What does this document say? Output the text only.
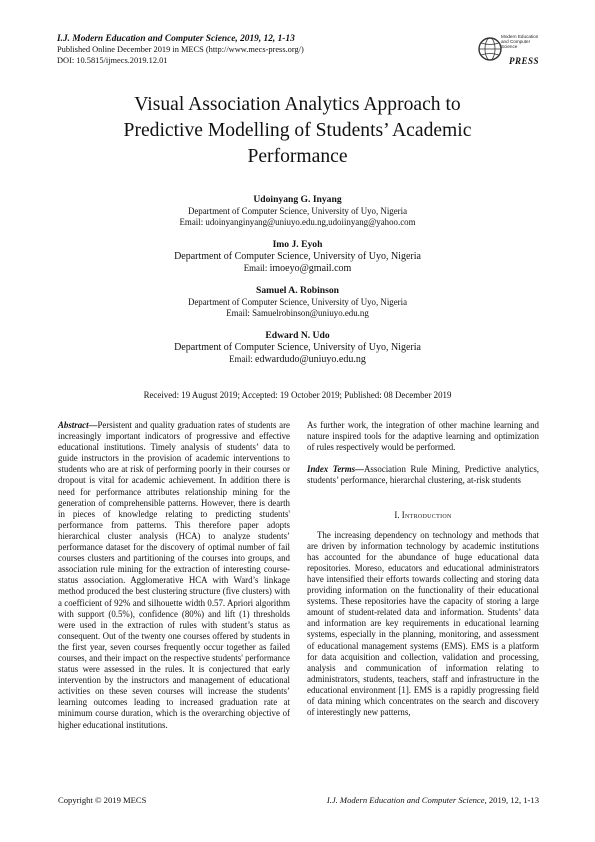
I.J. Modern Education and Computer Science, 2019, 12, 1-13
Published Online December 2019 in MECS (http://www.mecs-press.org/)
DOI: 10.5815/ijmecs.2019.12.01
Modern Education and Computer Science
PRESS
Visual Association Analytics Approach to
Predictive Modelling of Students’ Academic
Performance
Udoinyang G. Inyang
Department of Computer Science, University of Uyo, Nigeria
Email: udoinyanginyang@uniuyo.edu.ng,udoiinyang@yahoo.com
Imo J. Eyoh
Department of Computer Science, University of Uyo, Nigeria
Email: imoeyo@gmail.com
Samuel A. Robinson
Department of Computer Science, University of Uyo, Nigeria
Email: Samuelrobinson@uniuyo.edu.ng
Edward N. Udo
Department of Computer Science, University of Uyo, Nigeria
Email: edwardudo@uniuyo.edu.ng
Received: 19 August 2019; Accepted: 19 October 2019; Published: 08 December 2019

Abstract—Persistent and quality graduation rates of students are increasingly important indicators of progressive and effective educational institutions. Timely analysis of students’ data to guide instructors in the provision of academic interventions to students who are at risk of performing poorly in their courses or dropout is vital for academic achievement. In addition there is need for performance attributes relationship mining for the generation of comprehensible patterns. However, there is dearth in pieces of knowledge relating to predicting students' performance from patterns. This therefore paper adopts hierarchical cluster analysis (HCA) to analyze students’ performance dataset for the discovery of optimal number of fail courses clusters and partitioning of the courses into groups, and association rule mining for the extraction of interesting course-status association. Agglomerative HCA with Ward’s linkage method produced the best clustering structure (five clusters) with a coefficient of 92% and silhouette width 0.57. Apriori algorithm with support (0.5%), confidence (80%) and lift (1) thresholds were used in the extraction of rules with student’s status as consequent. Out of the twenty one courses offered by students in the first year, seven courses frequently occur together as failed courses, and their impact on the respective students' performance status were assessed in the rules. It is conjectured that early intervention by the instructors and management of educational activities on these seven courses will increase the students’ learning outcomes leading to increased graduation rate at minimum course duration, which is the overarching objective of higher educational institutions.

As further work, the integration of other machine learning and nature inspired tools for the adaptive learning and optimization of rules respectively would be performed.

Index Terms—Association Rule Mining, Predictive analytics, students’ performance, hierarchal clustering, at-risk students

I. Introduction

The increasing dependency on technology and methods that are driven by information technology by academic institutions has accounted for the abundance of huge educational data repositories. Moreso, educators and educational administrators have intensified their efforts towards collecting and storing data providing information on the functionality of their educational systems. These repositories have the capacity of storing a large amount of student-related data and information. Students’ data and information are key requirements in educational learning systems, especially in the planning, monitoring, and assessment of educational management systems (EMS). EMS is a platform for data acquisition and collection, validation and processing, analysis and communication of information relating to administrators, students, teachers, staff and infrastructure in the educational environment [1]. EMS is a rapidly progressing field of data mining which concentrates on the search and discovery of interestingly new patterns,

Copyright © 2019 MECS	I.J. Modern Education and Computer Science, 2019, 12, 1-13
